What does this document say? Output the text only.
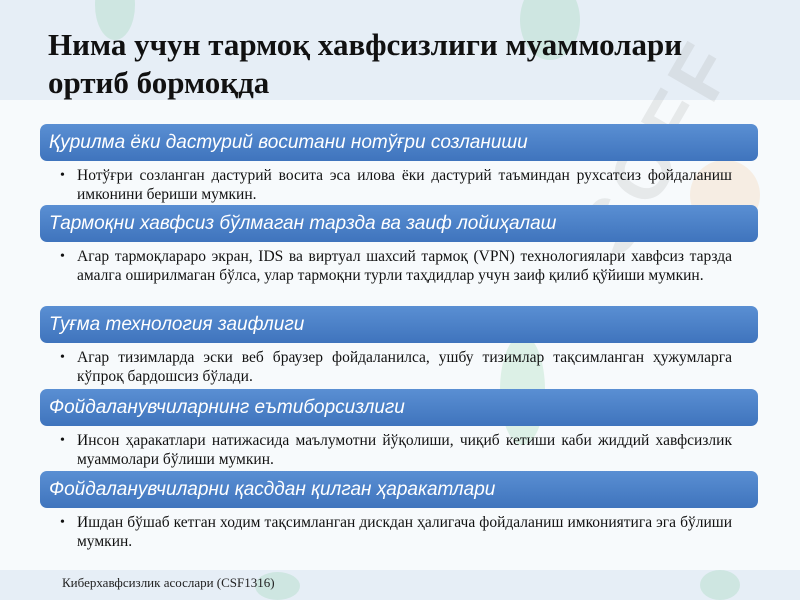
Нима учун тармоқ хавфсизлиги муаммолари ортиб бормоқда
Қурилма ёки дастурий воситани нотўғри созланиши
• Нотўғри созланган дастурий восита эса илова ёки дастурий таъминдан рухсатсиз фойдаланиш имконини бериши мумкин.
Тармоқни хавфсиз бўлмаган тарзда ва заиф лойиҳалаш
• Агар тармоқлараро экран, IDS ва виртуал шахсий тармоқ (VPN) технологиялари хавфсиз тарзда амалга оширилмаган бўлса, улар тармоқни турли таҳдидлар учун заиф қилиб қўйиши мумкин.
Туғма технология заифлиги
• Агар тизимларда эски веб браузер фойдаланилса, ушбу тизимлар тақсимланган ҳужумларга кўпроқ бардошсиз бўлади.
Фойдаланувчиларнинг еътиборсизлиги
• Инсон ҳаракатлари натижасида маълумотни йўқолиши, чиқиб кетиши каби жиддий хавфсизлик муаммолари бўлиши мумкин.
Фойдаланувчиларни қасддан қилган ҳаракатлари
• Ишдан бўшаб кетган ходим тақсимланган дискдан ҳалигача фойдаланиш имкониятига эга бўлиши мумкин.
Киберхавфсизлик асослари (CSF1316)
